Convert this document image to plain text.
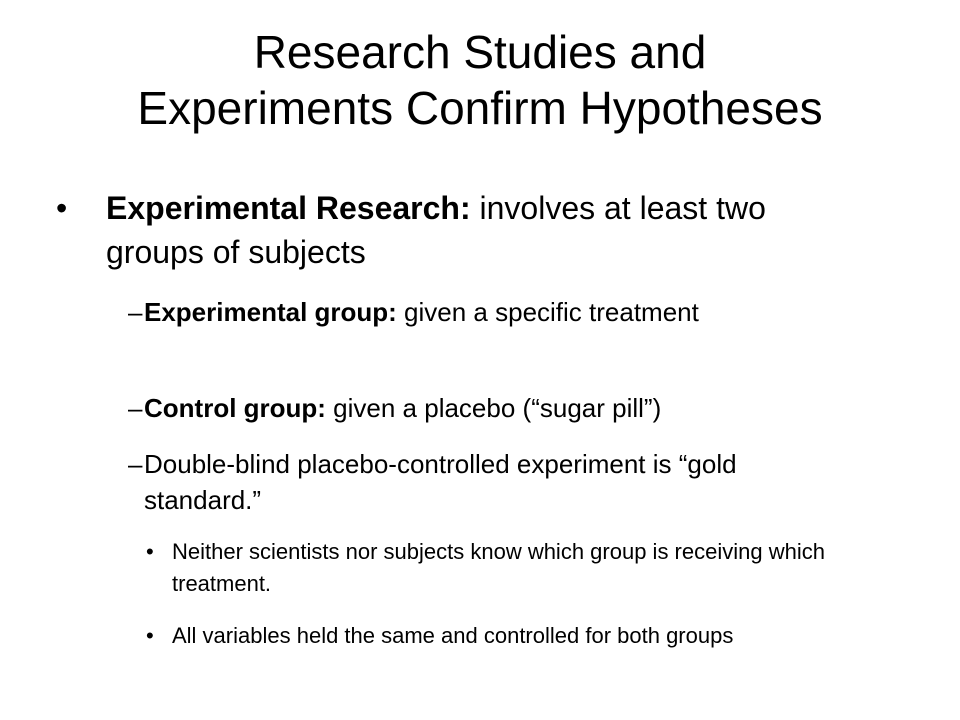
Research Studies and
Experiments Confirm Hypotheses
•	Experimental Research: involves at least two groups of subjects
– Experimental group: given a specific treatment
– Control group: given a placebo (“sugar pill”)
– Double-blind placebo-controlled experiment is “gold standard.”
• Neither scientists nor subjects know which group is receiving which treatment.
• All variables held the same and controlled for both groups
